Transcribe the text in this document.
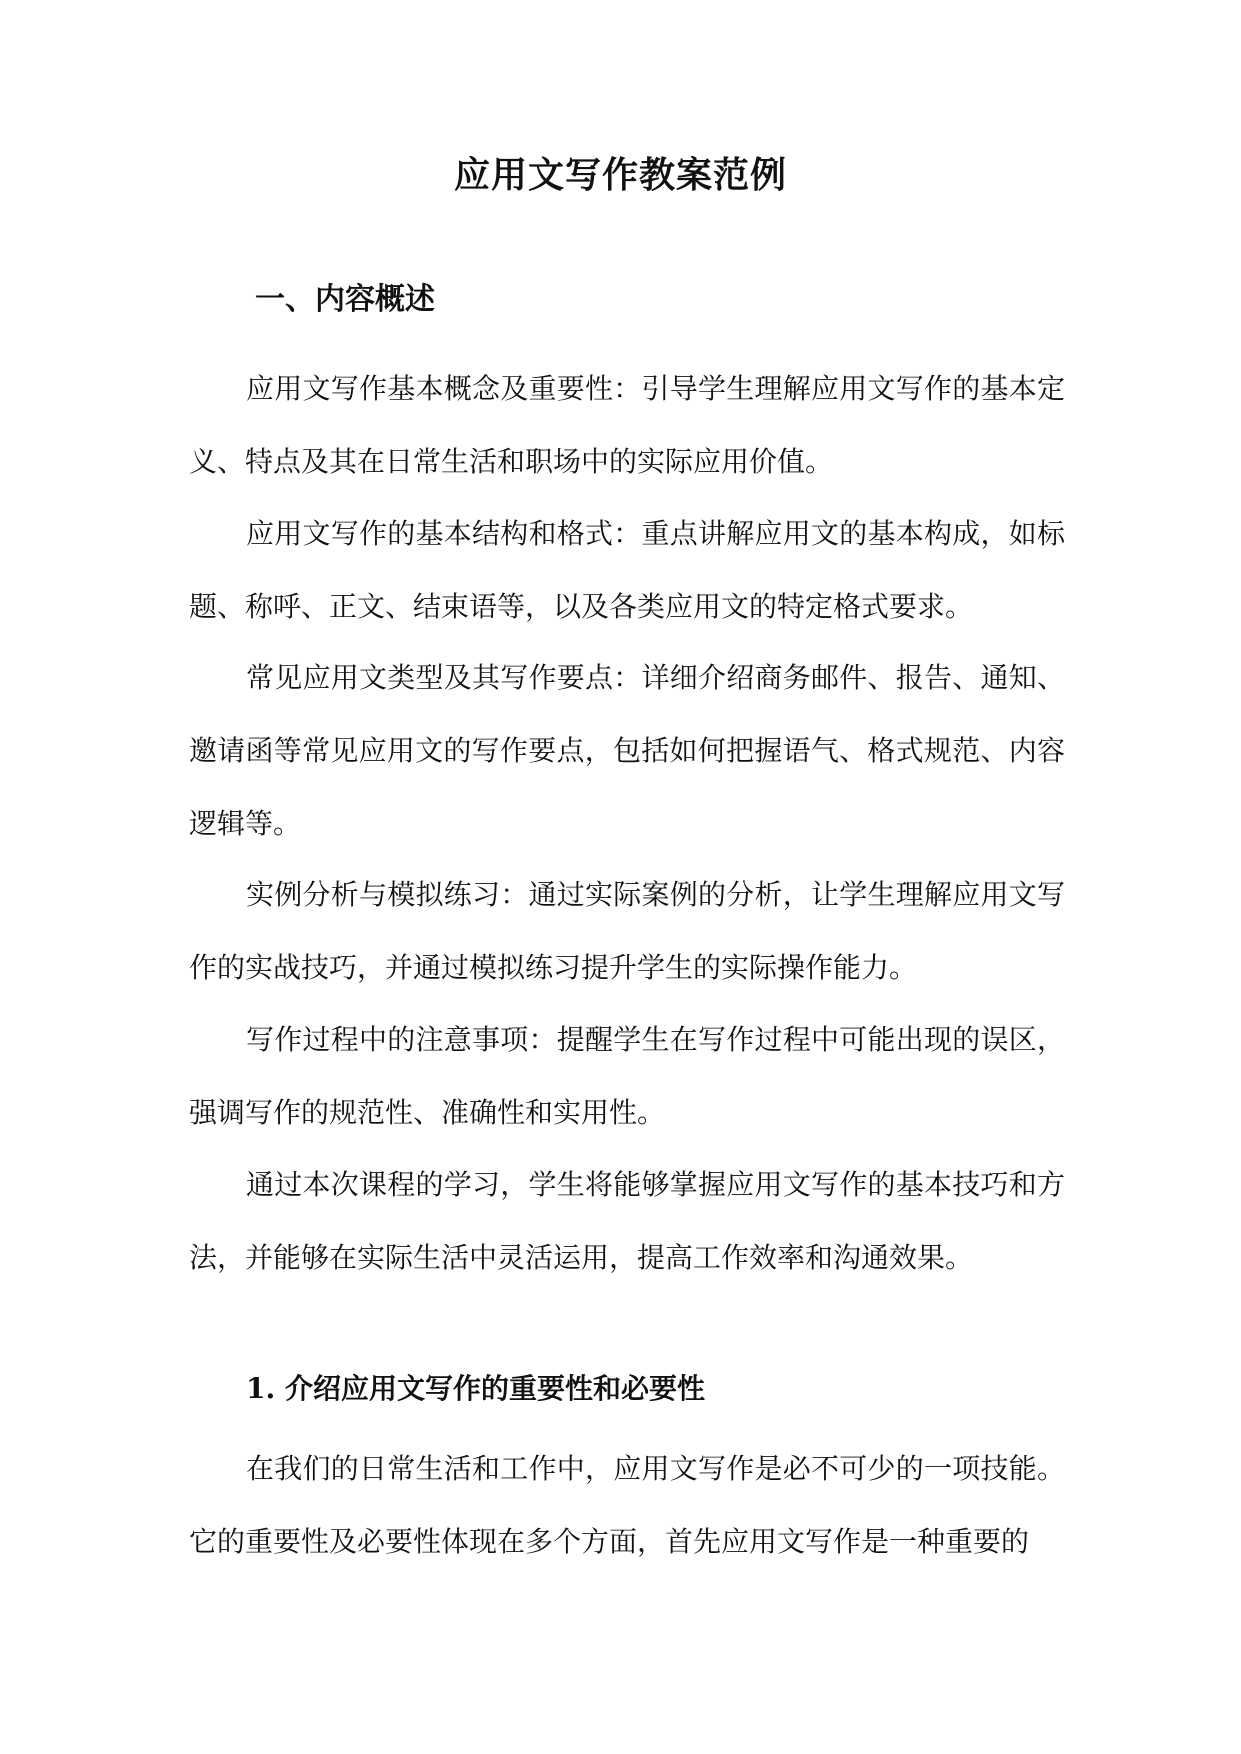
应用文写作教案范例
一、内容概述

应用文写作基本概念及重要性：引导学生理解应用文写作的基本定义、特点及其在日常生活和职场中的实际应用价值。

应用文写作的基本结构和格式：重点讲解应用文的基本构成，如标题、称呼、正文、结束语等，以及各类应用文的特定格式要求。

常见应用文类型及其写作要点：详细介绍商务邮件、报告、通知、邀请函等常见应用文的写作要点，包括如何把握语气、格式规范、内容逻辑等。

实例分析与模拟练习：通过实际案例的分析，让学生理解应用文写作的实战技巧，并通过模拟练习提升学生的实际操作能力。

写作过程中的注意事项：提醒学生在写作过程中可能出现的误区，强调写作的规范性、准确性和实用性。

通过本次课程的学习，学生将能够掌握应用文写作的基本技巧和方法，并能够在实际生活中灵活运用，提高工作效率和沟通效果。

1. 介绍应用文写作的重要性和必要性

在我们的日常生活和工作中，应用文写作是必不可少的一项技能。它的重要性及必要性体现在多个方面，首先应用文写作是一种重要的
